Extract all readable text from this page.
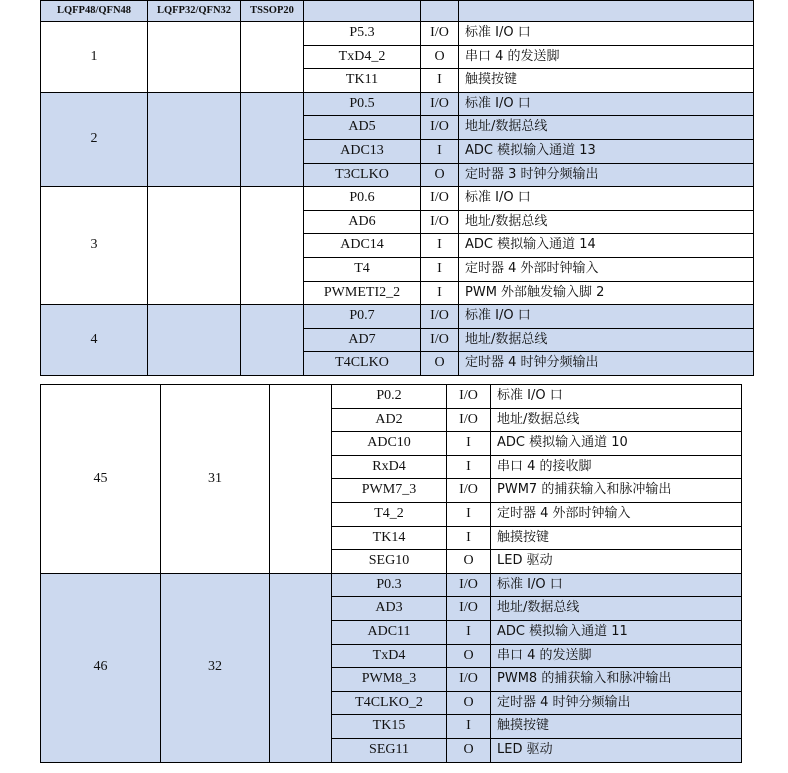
LQFP48/QFN48	LQFP32/QFN32	TSSOP20			
1			P5.3	I/O	标准 I/O 口
			TxD4_2	O	串口 4 的发送脚
			TK11	I	触摸按键
2			P0.5	I/O	标准 I/O 口
			AD5	I/O	地址/数据总线
			ADC13	I	ADC 模拟输入通道 13
			T3CLKO	O	定时器 3 时钟分频输出
3			P0.6	I/O	标准 I/O 口
			AD6	I/O	地址/数据总线
			ADC14	I	ADC 模拟输入通道 14
			T4	I	定时器 4 外部时钟输入
			PWMETI2_2	I	PWM 外部触发输入脚 2
4			P0.7	I/O	标准 I/O 口
			AD7	I/O	地址/数据总线
			T4CLKO	O	定时器 4 时钟分频输出
45	31		P0.2	I/O	标准 I/O 口
			AD2	I/O	地址/数据总线
			ADC10	I	ADC 模拟输入通道 10
			RxD4	I	串口 4 的接收脚
			PWM7_3	I/O	PWM7 的捕获输入和脉冲输出
			T4_2	I	定时器 4 外部时钟输入
			TK14	I	触摸按键
			SEG10	O	LED 驱动
46	32		P0.3	I/O	标准 I/O 口
			AD3	I/O	地址/数据总线
			ADC11	I	ADC 模拟输入通道 11
			TxD4	O	串口 4 的发送脚
			PWM8_3	I/O	PWM8 的捕获输入和脉冲输出
			T4CLKO_2	O	定时器 4 时钟分频输出
			TK15	I	触摸按键
			SEG11	O	LED 驱动
